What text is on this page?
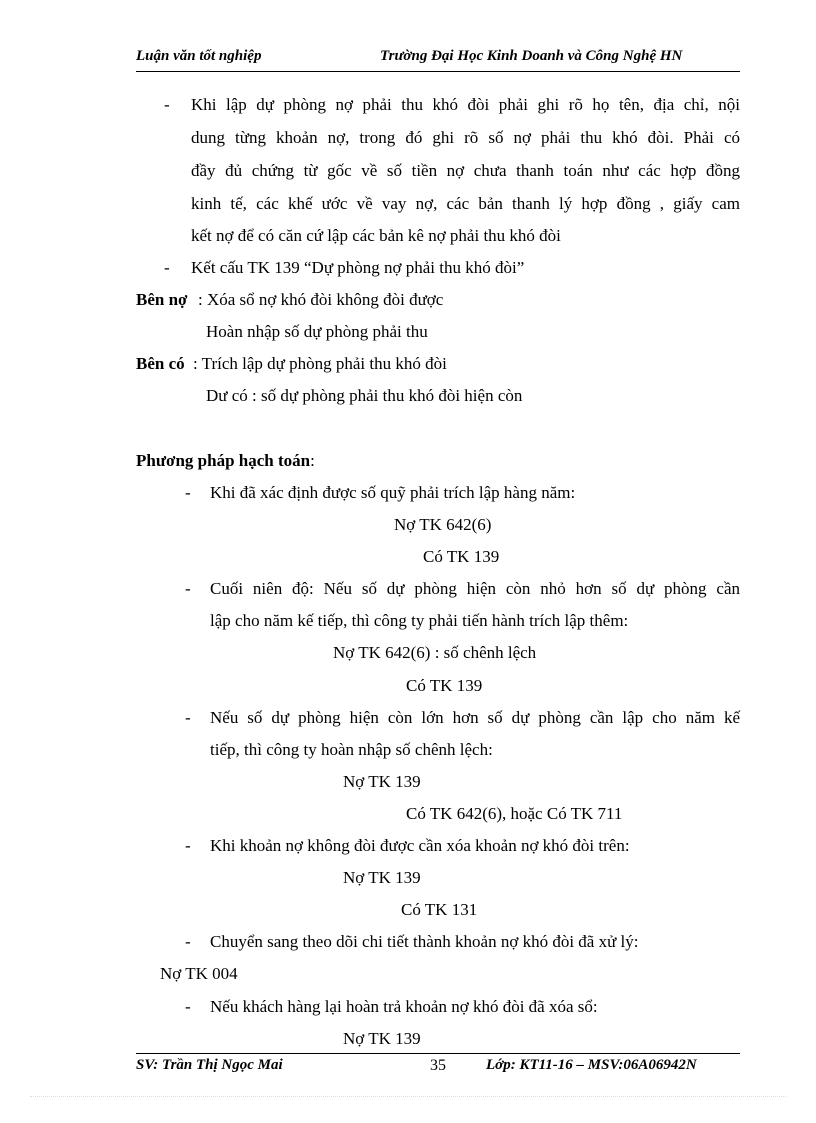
Luận văn tốt nghiệp	Trường Đại Học Kinh Doanh và Công Nghệ HN
- Khi lập dự phòng nợ phải thu khó đòi phải ghi rõ họ tên, địa chỉ, nội
dung từng khoản nợ, trong đó ghi rõ số nợ phải thu khó đòi. Phải có
đầy đủ chứng từ gốc về số tiền nợ chưa thanh toán như các hợp đồng
kinh tế, các khế ước về vay nợ, các bản thanh lý hợp đồng , giấy cam
kết nợ để có căn cứ lập các bản kê nợ phải thu khó đòi
- Kết cấu TK 139 “Dự phòng nợ phải thu khó đòi”
Bên nợ : Xóa sổ nợ khó đòi không đòi được
Hoàn nhập số dự phòng phải thu
Bên có : Trích lập dự phòng phải thu khó đòi
Dư có : số dự phòng phải thu khó đòi hiện còn
Phương pháp hạch toán:
- Khi đã xác định được số quỹ phải trích lập hàng năm:
Nợ TK 642(6)
Có TK 139
- Cuối niên độ: Nếu số dự phòng hiện còn nhỏ hơn số dự phòng cần
lập cho năm kế tiếp, thì công ty phải tiến hành trích lập thêm:
Nợ TK 642(6) : số chênh lệch
Có TK 139
- Nếu số dự phòng hiện còn lớn hơn số dự phòng cần lập cho năm kế
tiếp, thì công ty hoàn nhập số chênh lệch:
Nợ TK 139
Có TK 642(6), hoặc Có TK 711
- Khi khoản nợ không đòi được cần xóa khoản nợ khó đòi trên:
Nợ TK 139
Có TK 131
- Chuyển sang theo dõi chi tiết thành khoản nợ khó đòi đã xử lý:
Nợ TK 004
- Nếu khách hàng lại hoàn trả khoản nợ khó đòi đã xóa sổ:
Nợ TK 139
SV: Trần Thị Ngọc Mai	35	Lớp: KT11-16 – MSV:06A06942N
